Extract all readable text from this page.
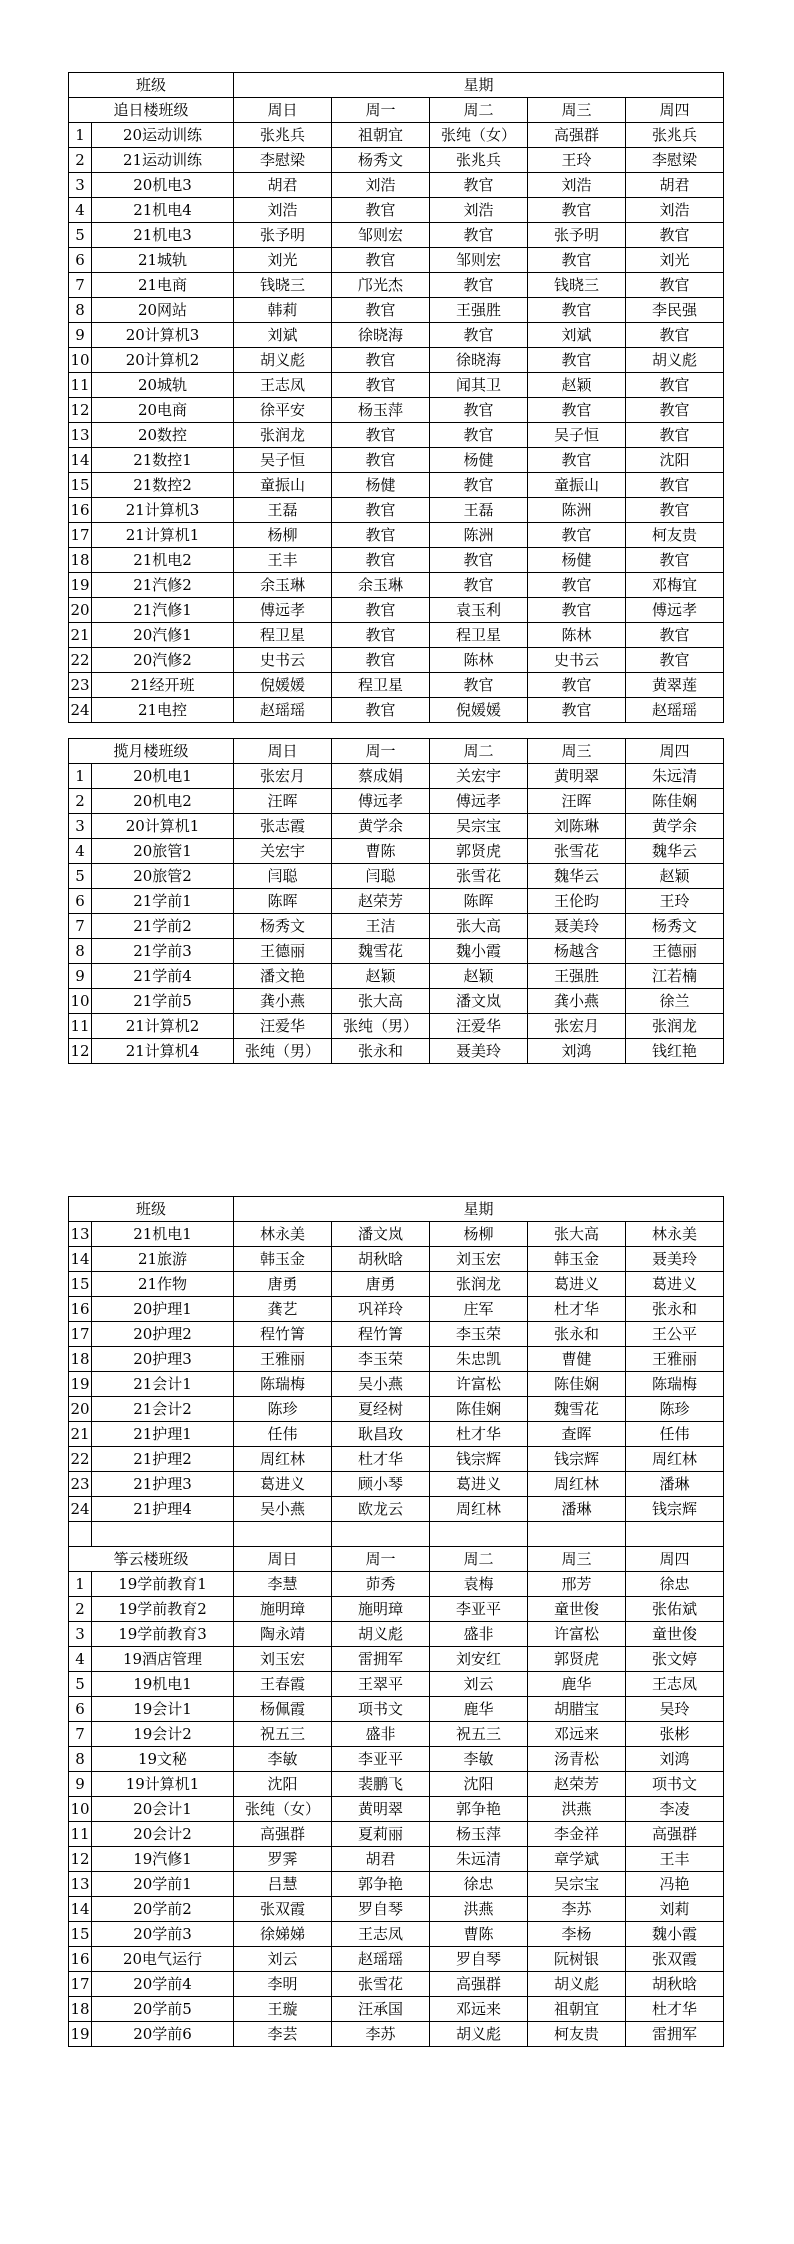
班级		星期				
追日楼班级		周日	周一	周二	周三	周四
1	20运动训练	张兆兵	祖朝宜	张纯（女）	高强群	张兆兵
2	21运动训练	李慰梁	杨秀文	张兆兵	王玲	李慰梁
3	20机电3	胡君	刘浩	教官	刘浩	胡君
4	21机电4	刘浩	教官	刘浩	教官	刘浩
5	21机电3	张予明	邹则宏	教官	张予明	教官
6	21城轨	刘光	教官	邹则宏	教官	刘光
7	21电商	钱晓三	邝光杰	教官	钱晓三	教官
8	20网站	韩莉	教官	王强胜	教官	李民强
9	20计算机3	刘斌	徐晓海	教官	刘斌	教官
10	20计算机2	胡义彪	教官	徐晓海	教官	胡义彪
11	20城轨	王志凤	教官	闻其卫	赵颖	教官
12	20电商	徐平安	杨玉萍	教官	教官	教官
13	20数控	张润龙	教官	教官	吴子恒	教官
14	21数控1	吴子恒	教官	杨健	教官	沈阳
15	21数控2	童振山	杨健	教官	童振山	教官
16	21计算机3	王磊	教官	王磊	陈洲	教官
17	21计算机1	杨柳	教官	陈洲	教官	柯友贵
18	21机电2	王丰	教官	教官	杨健	教官
19	21汽修2	余玉琳	余玉琳	教官	教官	邓梅宜
20	21汽修1	傅远孝	教官	袁玉利	教官	傅远孝
21	20汽修1	程卫星	教官	程卫星	陈林	教官
22	20汽修2	史书云	教官	陈林	史书云	教官
23	21经开班	倪媛媛	程卫星	教官	教官	黄翠莲
24	21电控	赵瑶瑶	教官	倪媛媛	教官	赵瑶瑶
揽月楼班级		周日	周一	周二	周三	周四
1	20机电1	张宏月	蔡成娟	关宏宇	黄明翠	朱远清
2	20机电2	汪晖	傅远孝	傅远孝	汪晖	陈佳娴
3	20计算机1	张志霞	黄学余	吴宗宝	刘陈琳	黄学余
4	20旅管1	关宏宇	曹陈	郭贤虎	张雪花	魏华云
5	20旅管2	闫聪	闫聪	张雪花	魏华云	赵颖
6	21学前1	陈晖	赵荣芳	陈晖	王伦昀	王玲
7	21学前2	杨秀文	王洁	张大高	聂美玲	杨秀文
8	21学前3	王德丽	魏雪花	魏小霞	杨越含	王德丽
9	21学前4	潘文艳	赵颖	赵颖	王强胜	江若楠
10	21学前5	龚小燕	张大高	潘文岚	龚小燕	徐兰
11	21计算机2	汪爱华	张纯（男）	汪爱华	张宏月	张润龙
12	21计算机4	张纯（男）	张永和	聂美玲	刘鸿	钱红艳
班级		星期				
13	21机电1	林永美	潘文岚	杨柳	张大高	林永美
14	21旅游	韩玉金	胡秋晗	刘玉宏	韩玉金	聂美玲
15	21作物	唐勇	唐勇	张润龙	葛进义	葛进义
16	20护理1	龚艺	巩祥玲	庄军	杜才华	张永和
17	20护理2	程竹箐	程竹箐	李玉荣	张永和	王公平
18	20护理3	王雅丽	李玉荣	朱忠凯	曹健	王雅丽
19	21会计1	陈瑞梅	吴小燕	许富松	陈佳娴	陈瑞梅
20	21会计2	陈珍	夏经树	陈佳娴	魏雪花	陈珍
21	21护理1	任伟	耿昌玫	杜才华	查晖	任伟
22	21护理2	周红林	杜才华	钱宗辉	钱宗辉	周红林
23	21护理3	葛进义	顾小琴	葛进义	周红林	潘琳
24	21护理4	吴小燕	欧龙云	周红林	潘琳	钱宗辉

筝云楼班级		周日	周一	周二	周三	周四
1	19学前教育1	李慧	茆秀	袁梅	邢芳	徐忠
2	19学前教育2	施明璋	施明璋	李亚平	童世俊	张佑斌
3	19学前教育3	陶永靖	胡义彪	盛非	许富松	童世俊
4	19酒店管理	刘玉宏	雷拥军	刘安红	郭贤虎	张文婷
5	19机电1	王春霞	王翠平	刘云	鹿华	王志凤
6	19会计1	杨佩霞	项书文	鹿华	胡腊宝	吴玲
7	19会计2	祝五三	盛非	祝五三	邓远来	张彬
8	19文秘	李敏	李亚平	李敏	汤青松	刘鸿
9	19计算机1	沈阳	裴鹏飞	沈阳	赵荣芳	项书文
10	20会计1	张纯（女）	黄明翠	郭争艳	洪燕	李凌
11	20会计2	高强群	夏莉丽	杨玉萍	李金祥	高强群
12	19汽修1	罗霁	胡君	朱远清	章学斌	王丰
13	20学前1	吕慧	郭争艳	徐忠	吴宗宝	冯艳
14	20学前2	张双霞	罗自琴	洪燕	李苏	刘莉
15	20学前3	徐娣娣	王志凤	曹陈	李杨	魏小霞
16	20电气运行	刘云	赵瑶瑶	罗自琴	阮树银	张双霞
17	20学前4	李明	张雪花	高强群	胡义彪	胡秋晗
18	20学前5	王璇	汪承国	邓远来	祖朝宜	杜才华
19	20学前6	李芸	李苏	胡义彪	柯友贵	雷拥军
